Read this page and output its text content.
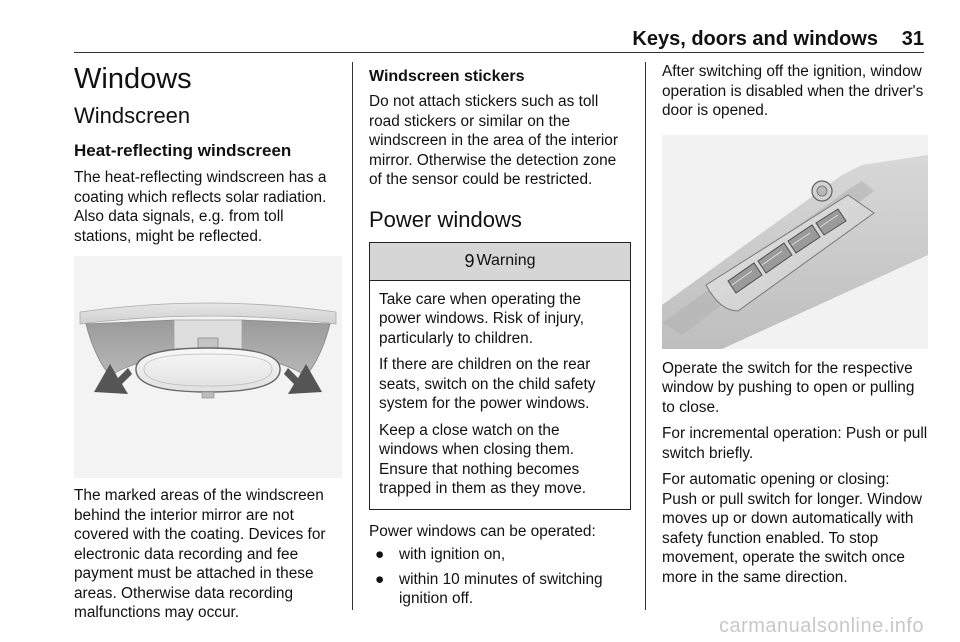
Keys, doors and windows 31
Windows
Windscreen
Heat-reflecting windscreen

The heat-reflecting windscreen has a coating which reflects solar radiation. Also data signals, e.g. from toll stations, might be reflected.

The marked areas of the windscreen behind the interior mirror are not covered with the coating. Devices for electronic data recording and fee payment must be attached in these areas. Otherwise data recording malfunctions may occur.

Windscreen stickers

Do not attach stickers such as toll road stickers or similar on the windscreen in the area of the interior mirror. Otherwise the detection zone of the sensor could be restricted.

Power windows
9 Warning

Take care when operating the power windows. Risk of injury, particularly to children.

If there are children on the rear seats, switch on the child safety system for the power windows.

Keep a close watch on the windows when closing them. Ensure that nothing becomes trapped in them as they move.

Power windows can be operated:

● with ignition on,
● within 10 minutes of switching ignition off.

After switching off the ignition, window operation is disabled when the driver's door is opened.

Operate the switch for the respective window by pushing to open or pulling to close.

For incremental operation: Push or pull switch briefly.

For automatic opening or closing: Push or pull switch for longer. Window moves up or down automatically with safety function enabled. To stop movement, operate the switch once more in the same direction.

carmanualsonline.info
